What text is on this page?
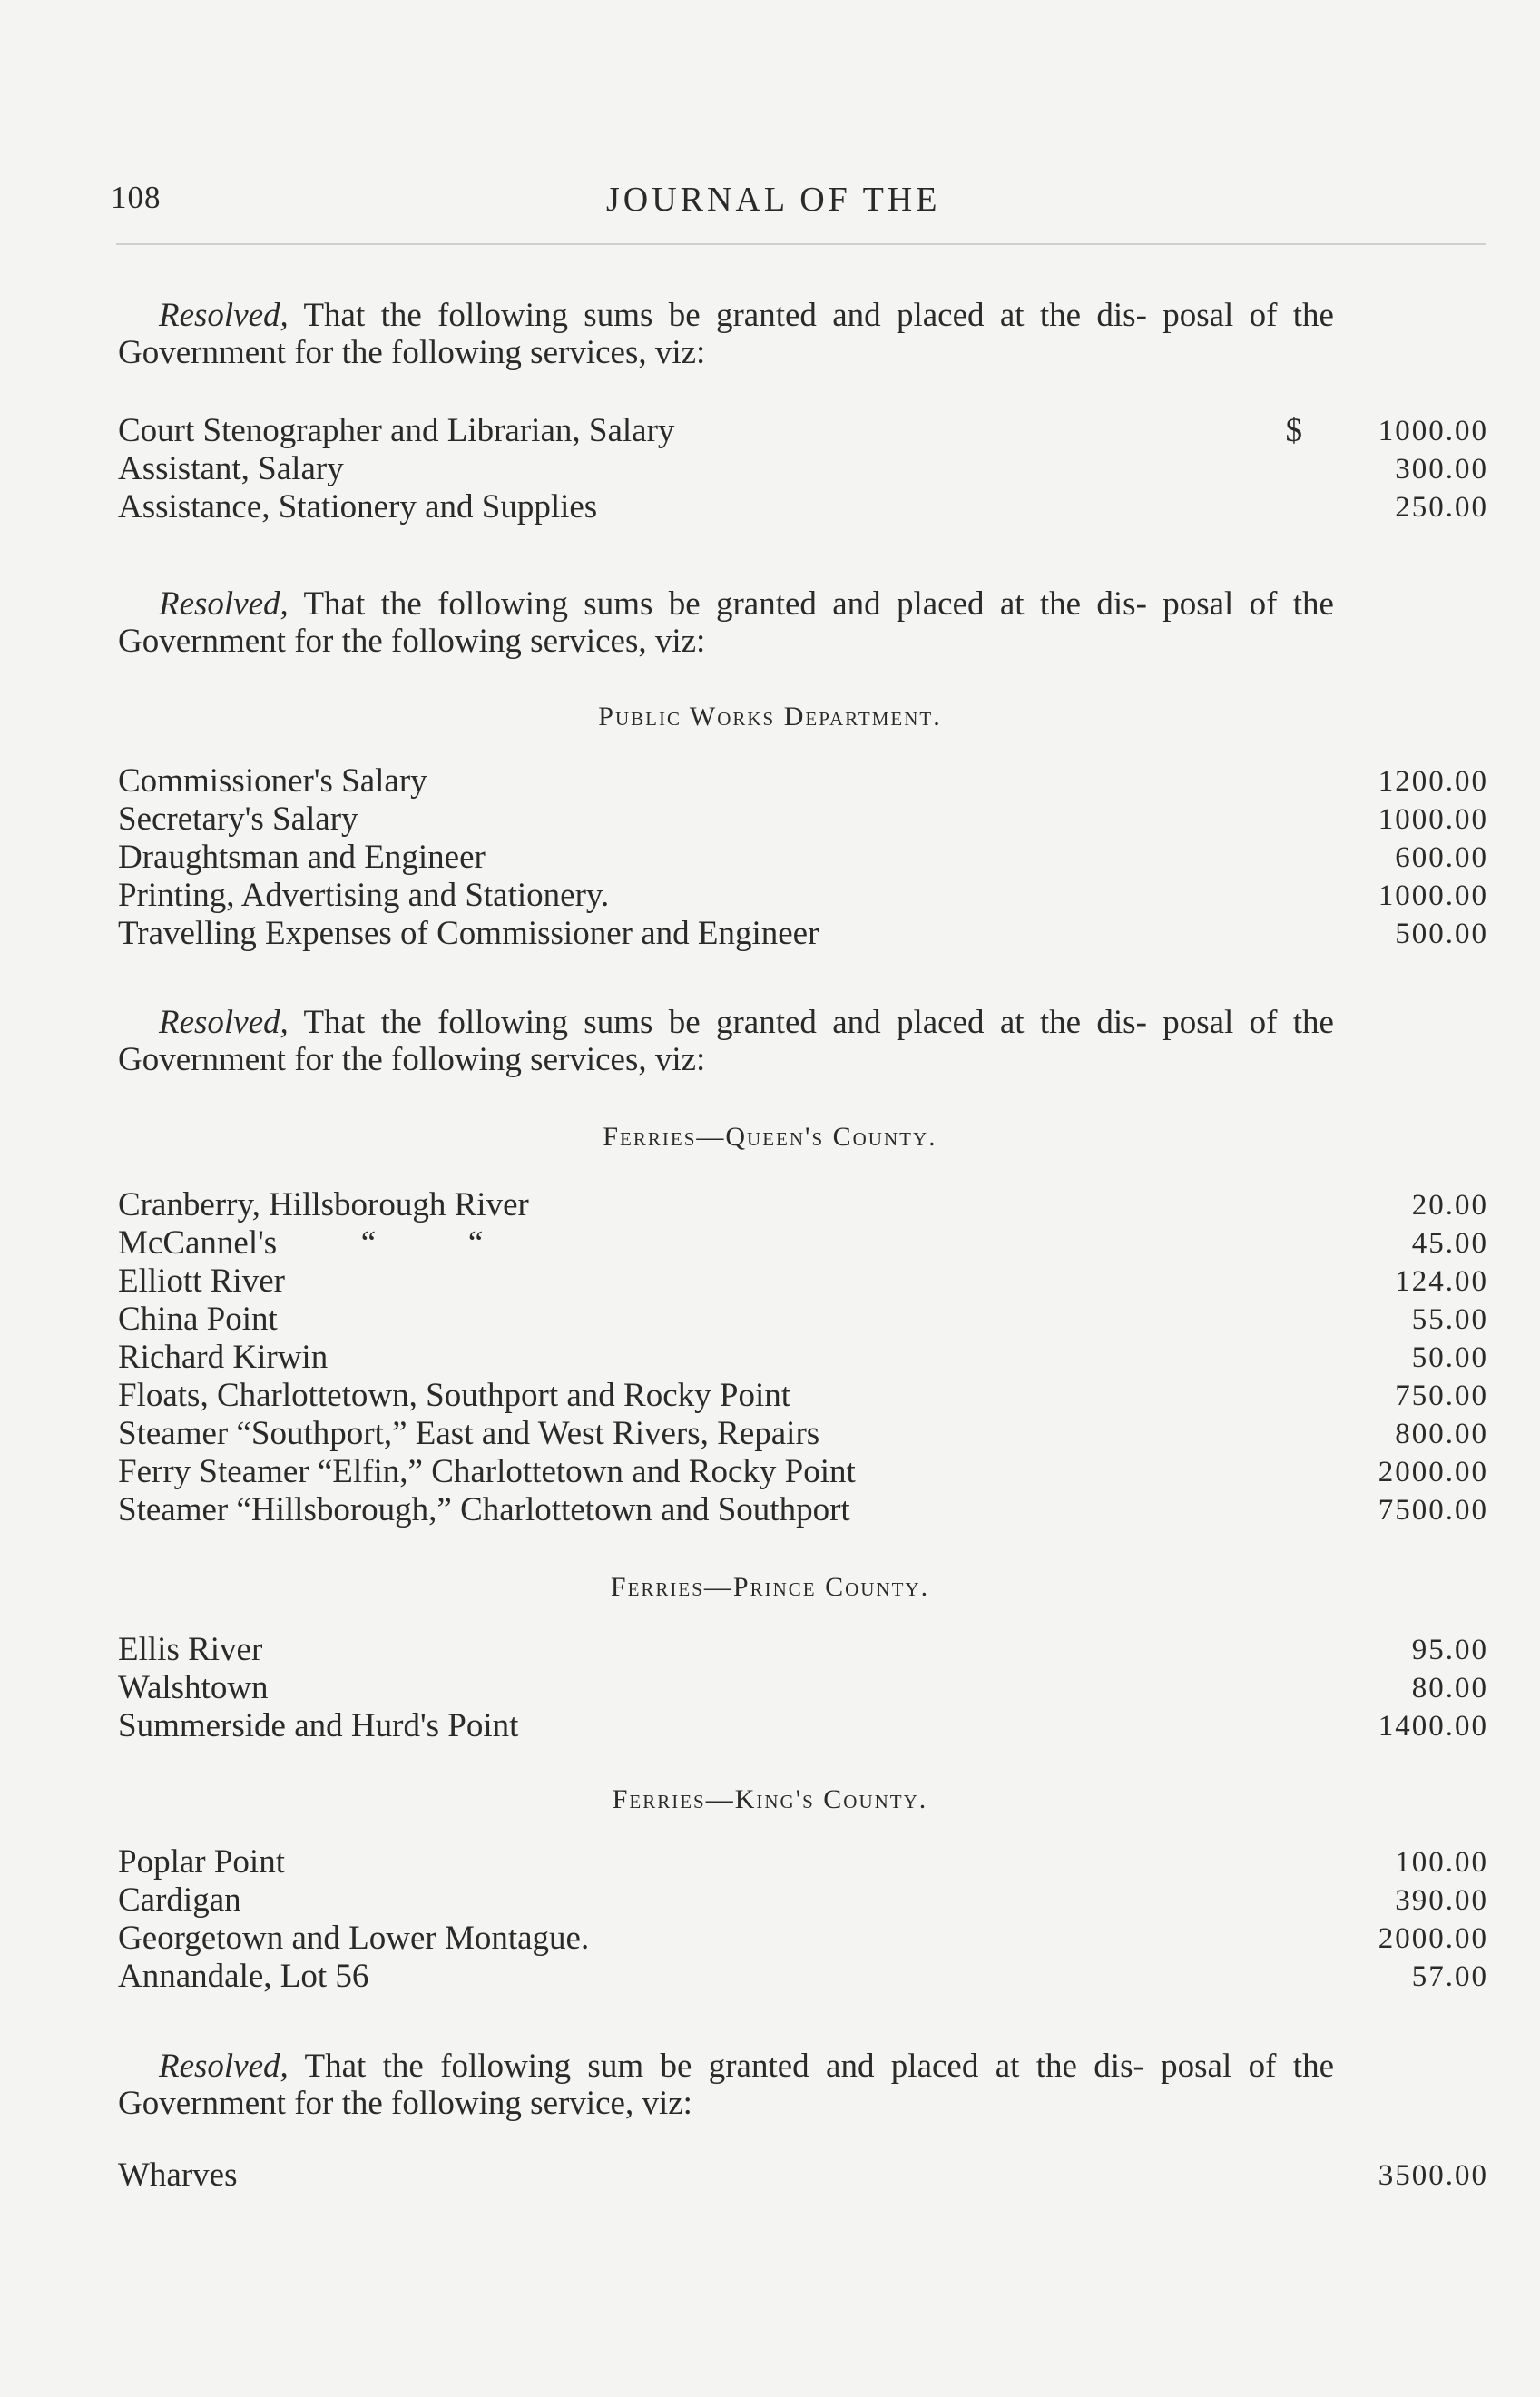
108	JOURNAL OF THE
Resolved, That the following sums be granted and placed at the dis- posal of the Government for the following services, viz:
Court Stenographer and Librarian, Salary	$	1000.00
Assistant, Salary	300.00
Assistance, Stationery and Supplies	250.00
Resolved, That the following sums be granted and placed at the dis- posal of the Government for the following services, viz:
Public Works Department.
Commissioner's Salary	1200.00
Secretary's Salary	1000.00
Draughtsman and Engineer	600.00
Printing, Advertising and Stationery.	1000.00
Travelling Expenses of Commissioner and Engineer	500.00
Resolved, That the following sums be granted and placed at the dis- posal of the Government for the following services, viz:
Ferries—Queen's County.
Cranberry, Hillsborough River	20.00
McCannel's          “           “	45.00
Elliott River	124.00
China Point	55.00
Richard Kirwin	50.00
Floats, Charlottetown, Southport and Rocky Point	750.00
Steamer “Southport,” East and West Rivers, Repairs	800.00
Ferry Steamer “Elfin,” Charlottetown and Rocky Point	2000.00
Steamer “Hillsborough,” Charlottetown and Southport	7500.00
Ferries—Prince County.
Ellis River	95.00
Walshtown	80.00
Summerside and Hurd's Point	1400.00
Ferries—King's County.
Poplar Point	100.00
Cardigan	390.00
Georgetown and Lower Montague.	2000.00
Annandale, Lot 56	57.00
Resolved, That the following sum be granted and placed at the dis- posal of the Government for the following service, viz:
Wharves	3500.00
